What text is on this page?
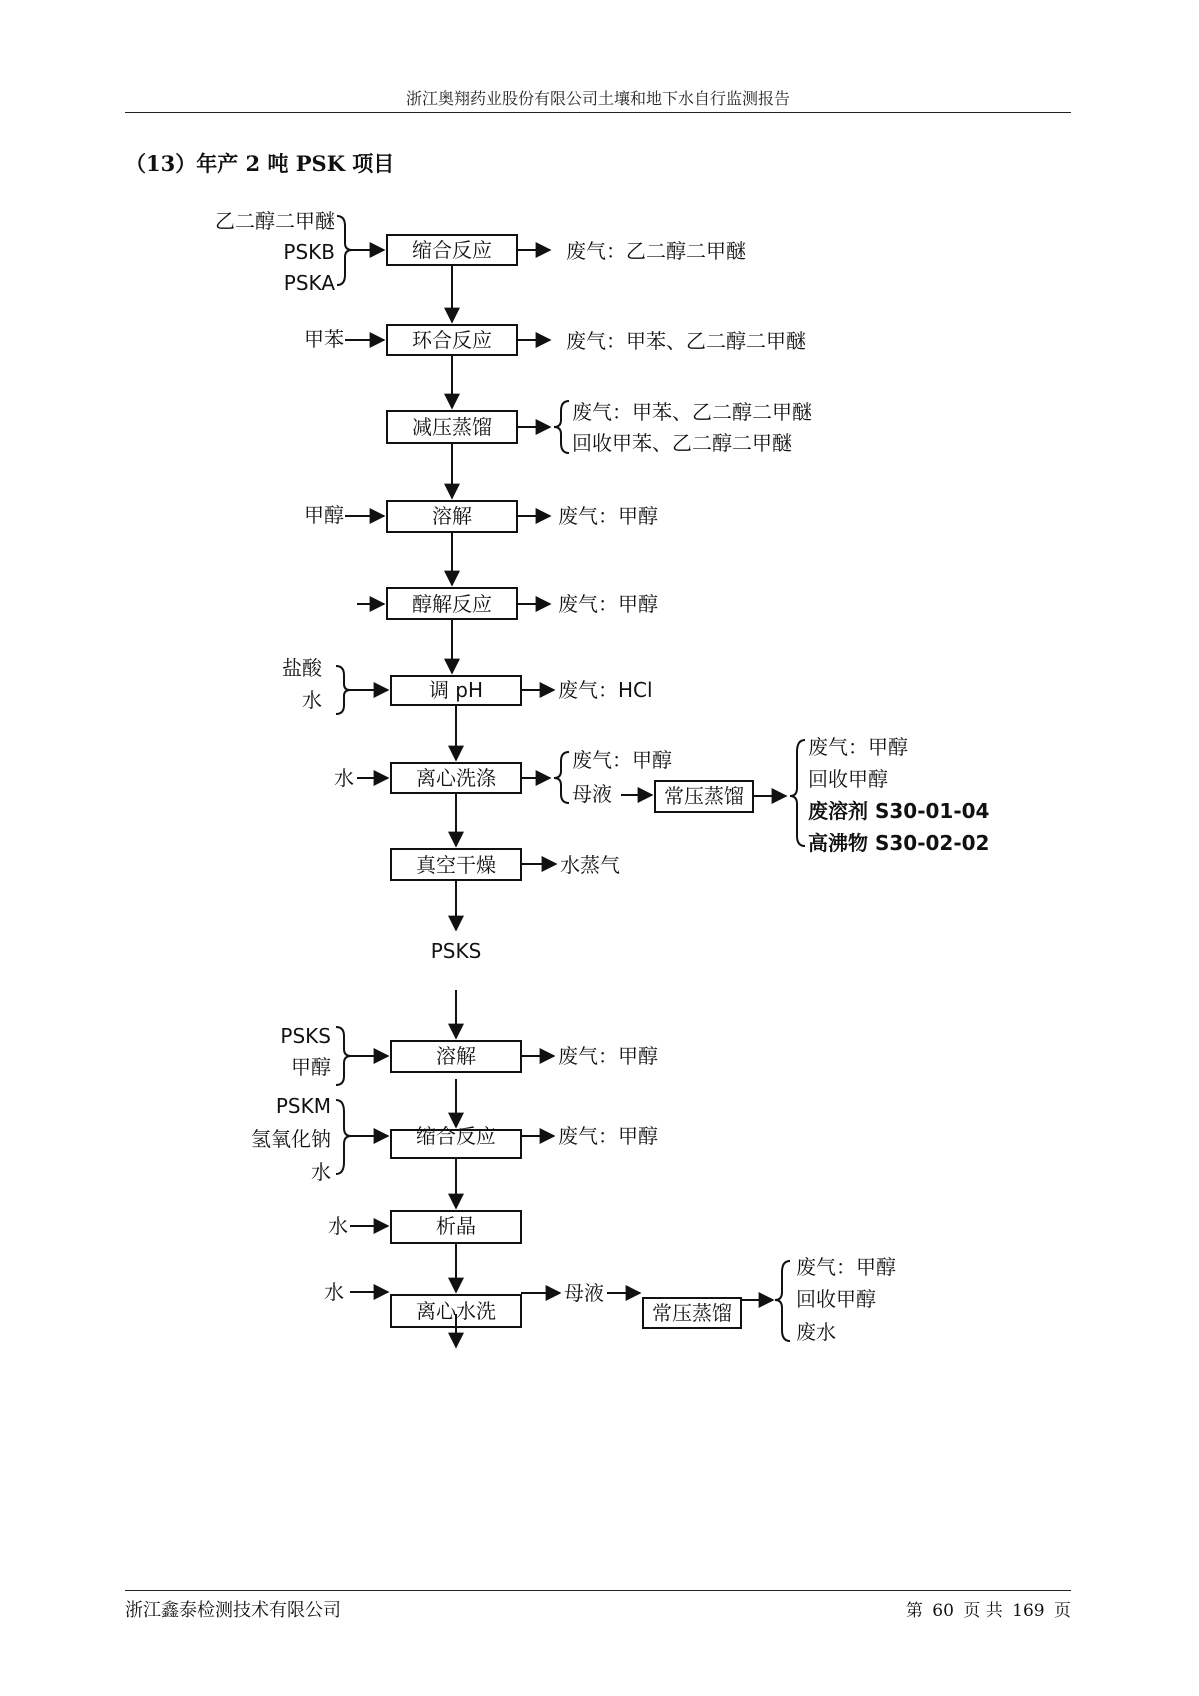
浙江奥翔药业股份有限公司土壤和地下水自行监测报告
（13）年产 2 吨 PSK 项目
缩合反应
环合反应
减压蒸馏
溶解
醇解反应
调 pH
离心洗涤
常压蒸馏
真空干燥
PSKS
溶解
缩合反应
析晶
离心水洗	常压蒸馏
乙二醇二甲醚
PSKB
PSKA
甲苯
甲醇
盐酸
水
水
PSKS
甲醇
PSKM
氢氧化钠
水
水
水
废气：乙二醇二甲醚
废气：甲苯、乙二醇二甲醚
废气：甲苯、乙二醇二甲醚
回收甲苯、乙二醇二甲醚
废气：甲醇
废气：甲醇
废气：HCl
废气：甲醇
母液
废气：甲醇
回收甲醇
废溶剂 S30-01-04
高沸物 S30-02-02
水蒸气
废气：甲醇
废气：甲醇
母液
废气：甲醇
回收甲醇
废水
浙江鑫泰检测技术有限公司	第 60 页 共 169 页
